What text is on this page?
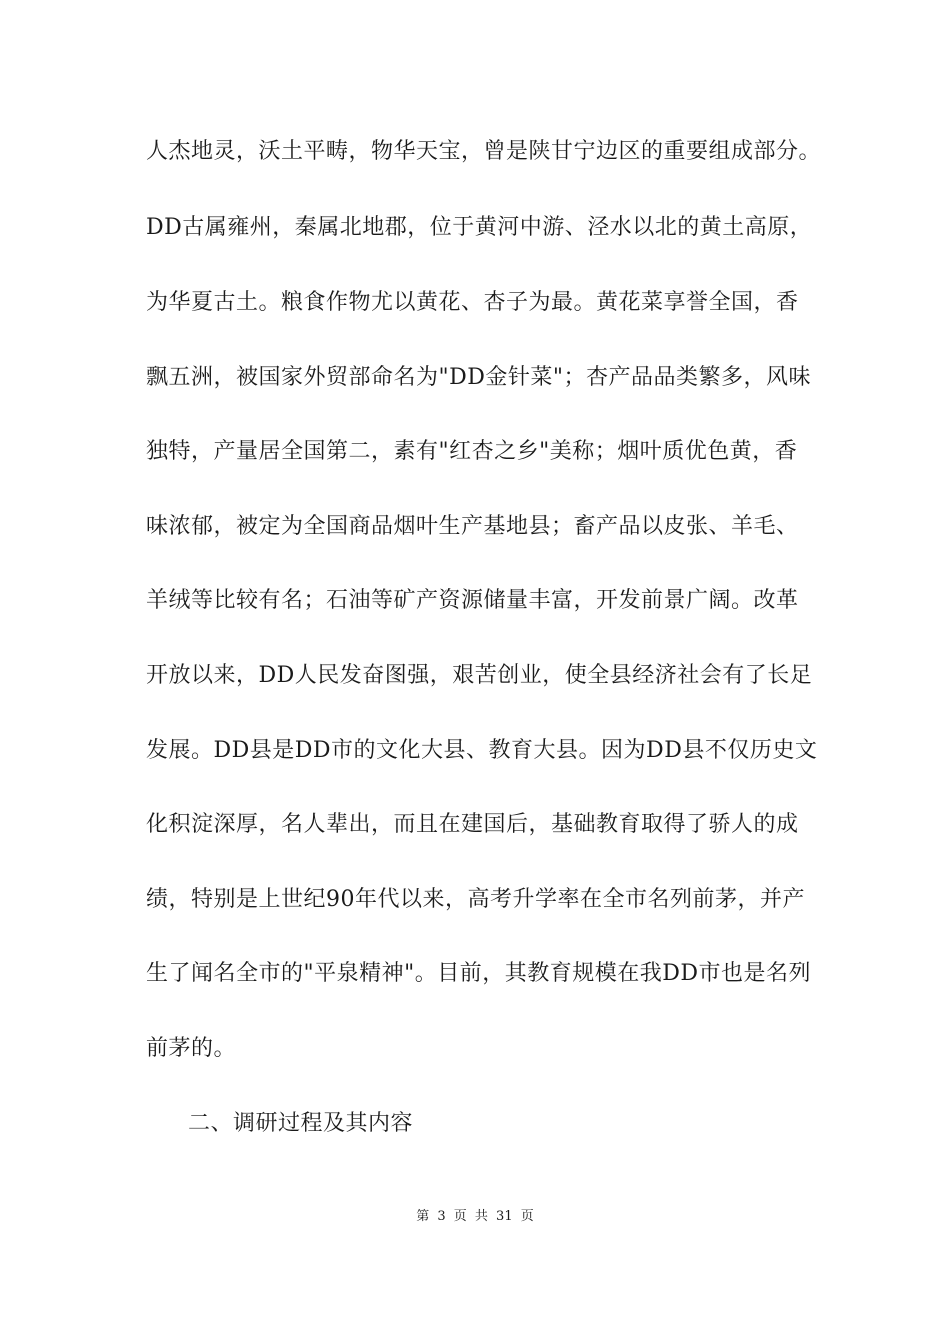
人杰地灵，沃土平畴，物华天宝，曾是陕甘宁边区的重要组成部分。
DD古属雍州，秦属北地郡，位于黄河中游、泾水以北的黄土高原，
为华夏古土。粮食作物尤以黄花、杏子为最。黄花菜享誉全国，香
飘五洲，被国家外贸部命名为"DD金针菜"；杏产品品类繁多，风味
独特，产量居全国第二，素有"红杏之乡"美称；烟叶质优色黄，香
味浓郁，被定为全国商品烟叶生产基地县；畜产品以皮张、羊毛、
羊绒等比较有名；石油等矿产资源储量丰富，开发前景广阔。改革
开放以来，DD人民发奋图强，艰苦创业，使全县经济社会有了长足
发展。DD县是DD市的文化大县、教育大县。因为DD县不仅历史文
化积淀深厚，名人辈出，而且在建国后，基础教育取得了骄人的成
绩，特别是上世纪90年代以来，高考升学率在全市名列前茅，并产
生了闻名全市的"平泉精神"。目前，其教育规模在我DD市也是名列
前茅的。
二、调研过程及其内容
第 3 页 共 31 页
